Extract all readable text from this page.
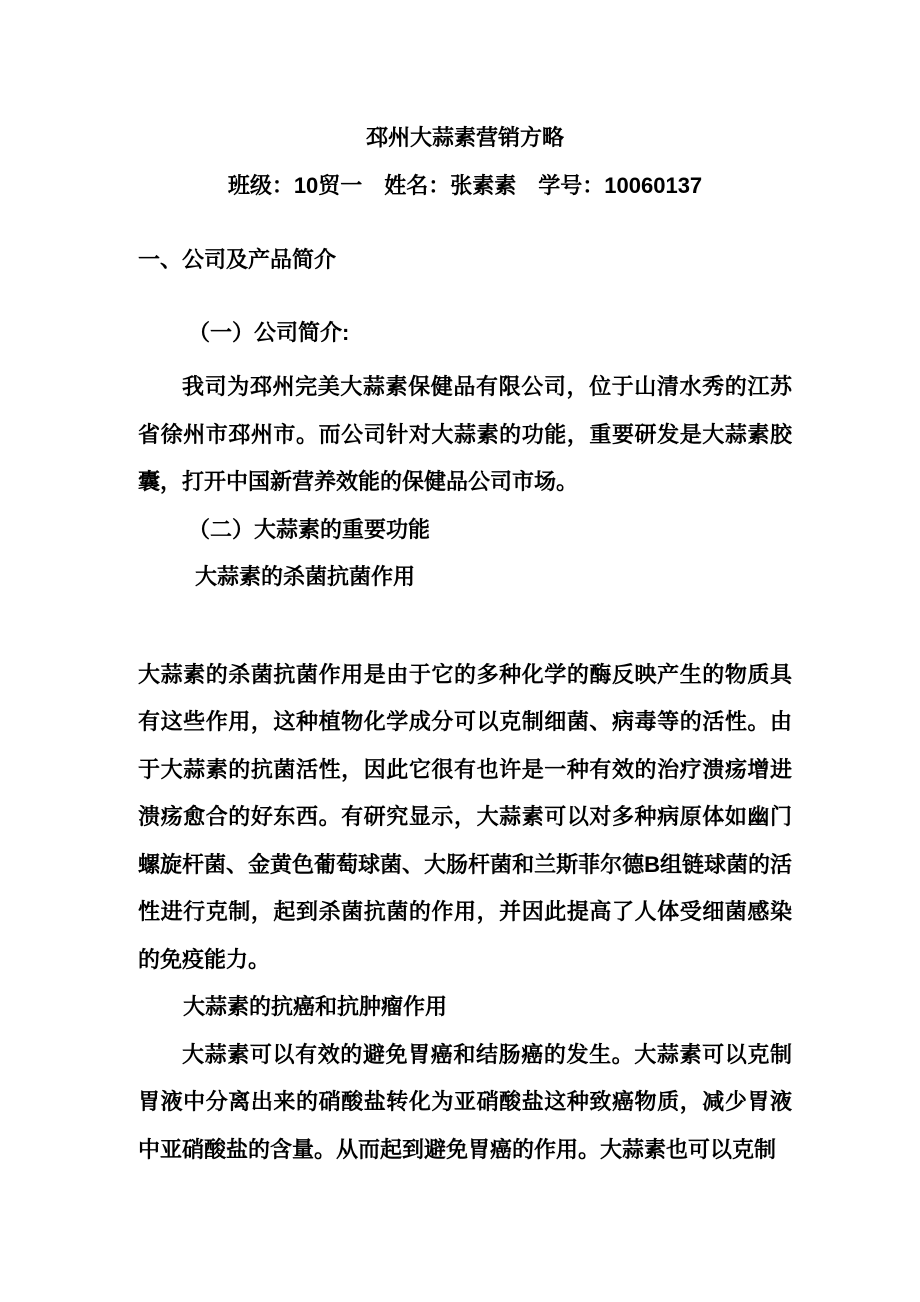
邳州大蒜素营销方略
班级：10贸一　姓名：张素素　学号：10060137
一、公司及产品简介
（一）公司简介:
我司为邳州完美大蒜素保健品有限公司，位于山清水秀的江苏省徐州市邳州市。而公司针对大蒜素的功能，重要研发是大蒜素胶囊，打开中国新营养效能的保健品公司市场。
（二）大蒜素的重要功能
大蒜素的杀菌抗菌作用
大蒜素的杀菌抗菌作用是由于它的多种化学的酶反映产生的物质具有这些作用，这种植物化学成分可以克制细菌、病毒等的活性。由于大蒜素的抗菌活性，因此它很有也许是一种有效的治疗溃疡增进溃疡愈合的好东西。有研究显示，大蒜素可以对多种病原体如幽门螺旋杆菌、金黄色葡萄球菌、大肠杆菌和兰斯菲尔德B组链球菌的活性进行克制，起到杀菌抗菌的作用，并因此提高了人体受细菌感染的免疫能力。
大蒜素的抗癌和抗肿瘤作用
大蒜素可以有效的避免胃癌和结肠癌的发生。大蒜素可以克制胃液中分离出来的硝酸盐转化为亚硝酸盐这种致癌物质，减少胃液中亚硝酸盐的含量。从而起到避免胃癌的作用。大蒜素也可以克制
